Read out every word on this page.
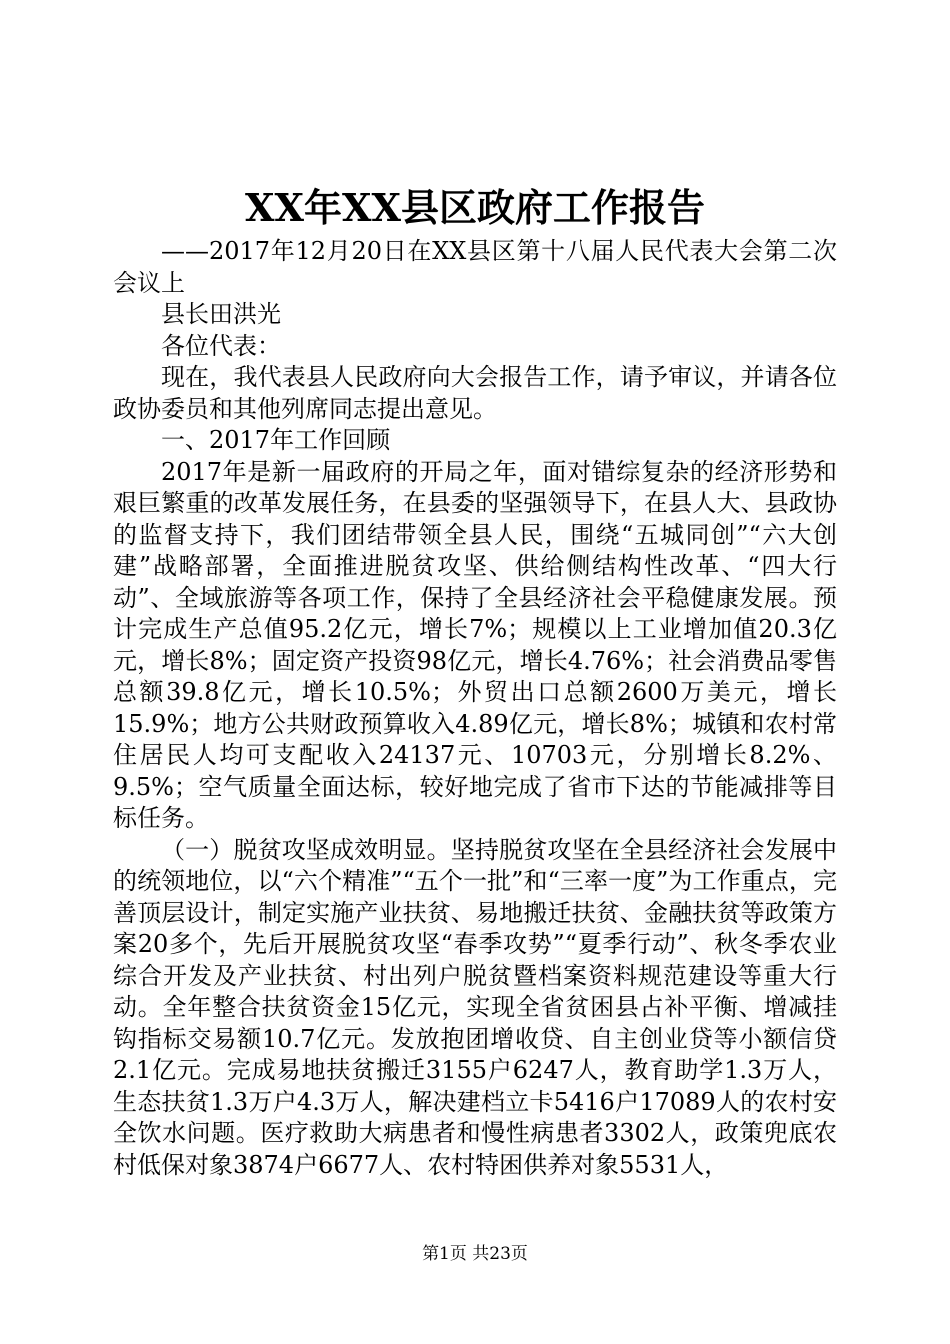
XX年XX县区政府工作报告

——2017年12月20日在XX县区第十八届人民代表大会第二次会议上

县长田洪光

各位代表：

现在，我代表县人民政府向大会报告工作，请予审议，并请各位政协委员和其他列席同志提出意见。

一、2017年工作回顾

2017年是新一届政府的开局之年，面对错综复杂的经济形势和艰巨繁重的改革发展任务，在县委的坚强领导下，在县人大、县政协的监督支持下，我们团结带领全县人民，围绕“五城同创”“六大创建”战略部署，全面推进脱贫攻坚、供给侧结构性改革、“四大行动”、全域旅游等各项工作，保持了全县经济社会平稳健康发展。预计完成生产总值95.2亿元，增长7%；规模以上工业增加值20.3亿元，增长8%；固定资产投资98亿元，增长4.76%；社会消费品零售总额39.8亿元，增长10.5%；外贸出口总额2600万美元，增长15.9%；地方公共财政预算收入4.89亿元，增长8%；城镇和农村常住居民人均可支配收入24137元、10703元，分别增长8.2%、9.5%；空气质量全面达标，较好地完成了省市下达的节能减排等目标任务。

（一）脱贫攻坚成效明显。坚持脱贫攻坚在全县经济社会发展中的统领地位，以“六个精准”“五个一批”和“三率一度”为工作重点，完善顶层设计，制定实施产业扶贫、易地搬迁扶贫、金融扶贫等政策方案20多个，先后开展脱贫攻坚“春季攻势”“夏季行动”、秋冬季农业综合开发及产业扶贫、村出列户脱贫暨档案资料规范建设等重大行动。全年整合扶贫资金15亿元，实现全省贫困县占补平衡、增减挂钩指标交易额10.7亿元。发放抱团增收贷、自主创业贷等小额信贷2.1亿元。完成易地扶贫搬迁3155户6247人，教育助学1.3万人，生态扶贫1.3万户4.3万人，解决建档立卡5416户17089人的农村安全饮水问题。医疗救助大病患者和慢性病患者3302人，政策兜底农村低保对象3874户6677人、农村特困供养对象5531人，

第1页 共23页
